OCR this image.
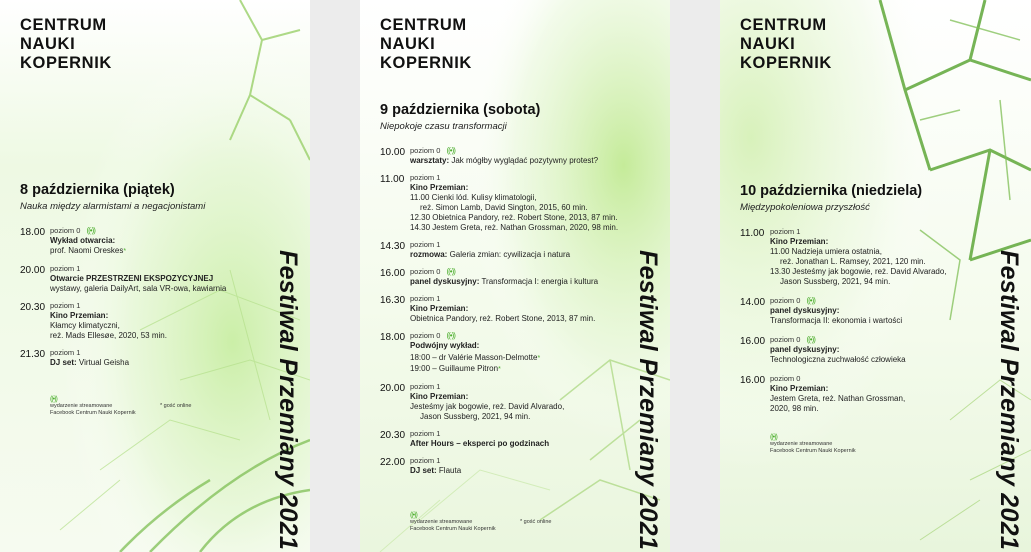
CENTRUM
NAUKI
KOPERNIK
8 października (piątek)
Nauka między alarmistami a negacjonistami
18.00 poziom 0 ((•))
Wykład otwarcia:
prof. Naomi Oreskes*
20.00 poziom 1
Otwarcie PRZESTRZENI EKSPOZYCYJNEJ
wystawy, galeria DailyArt, sala VR-owa, kawiarnia
20.30 poziom 1
Kino Przemian:
Kłamcy klimatyczni,
reż. Mads Ellesøe, 2020, 53 min.
21.30 poziom 1
DJ set: Virtual Geisha
((•))
wydarzenie streamowane
Facebook Centrum Nauki Kopernik
* gość online	Festiwal Przemiany 2021
CENTRUM
NAUKI
KOPERNIK
9 października (sobota)
Niepokoje czasu transformacji
10.00 poziom 0 ((•))
warsztaty: Jak mógłby wyglądać pozytywny protest?
11.00 poziom 1
Kino Przemian:
11.00 Cienki lód. Kulisy klimatologii,
reż. Simon Lamb, David Sington, 2015, 60 min.
12.30 Obietnica Pandory, reż. Robert Stone, 2013, 87 min.
14.30 Jestem Greta, reż. Nathan Grossman, 2020, 98 min.
14.30 poziom 1
rozmowa: Galeria zmian: cywilizacja i natura
16.00 poziom 0 ((•))
panel dyskusyjny: Transformacja I: energia i kultura
16.30 poziom 1
Kino Przemian:
Obietnica Pandory, reż. Robert Stone, 2013, 87 min.
18.00 poziom 0 ((•))
Podwójny wykład:
18:00 – dr Valérie Masson-Delmotte*
19:00 – Guillaume Pitron*
20.00 poziom 1
Kino Przemian:
Jesteśmy jak bogowie, reż. David Alvarado,
Jason Sussberg, 2021, 94 min.
20.30 poziom 1
After Hours – eksperci po godzinach
22.00 poziom 1
DJ set: Flauta
((•))
wydarzenie streamowane
Facebook Centrum Nauki Kopernik
* gość online	Festiwal Przemiany 2021
CENTRUM
NAUKI
KOPERNIK
10 października (niedziela)
Międzypokoleniowa przyszłość
11.00 poziom 1
Kino Przemian:
11.00 Nadzieja umiera ostatnia,
reż. Jonathan L. Ramsey, 2021, 120 min.
13.30 Jesteśmy jak bogowie, reż. David Alvarado,
Jason Sussberg, 2021, 94 min.
14.00 poziom 0 ((•))
panel dyskusyjny:
Transformacja II: ekonomia i wartości
16.00 poziom 0 ((•))
panel dyskusyjny:
Technologiczna zuchwałość człowieka
16.00 poziom 0
Kino Przemian:
Jestem Greta, reż. Nathan Grossman,
2020, 98 min.
((•))
wydarzenie streamowane
Facebook Centrum Nauki Kopernik	Festiwal Przemiany 2021
